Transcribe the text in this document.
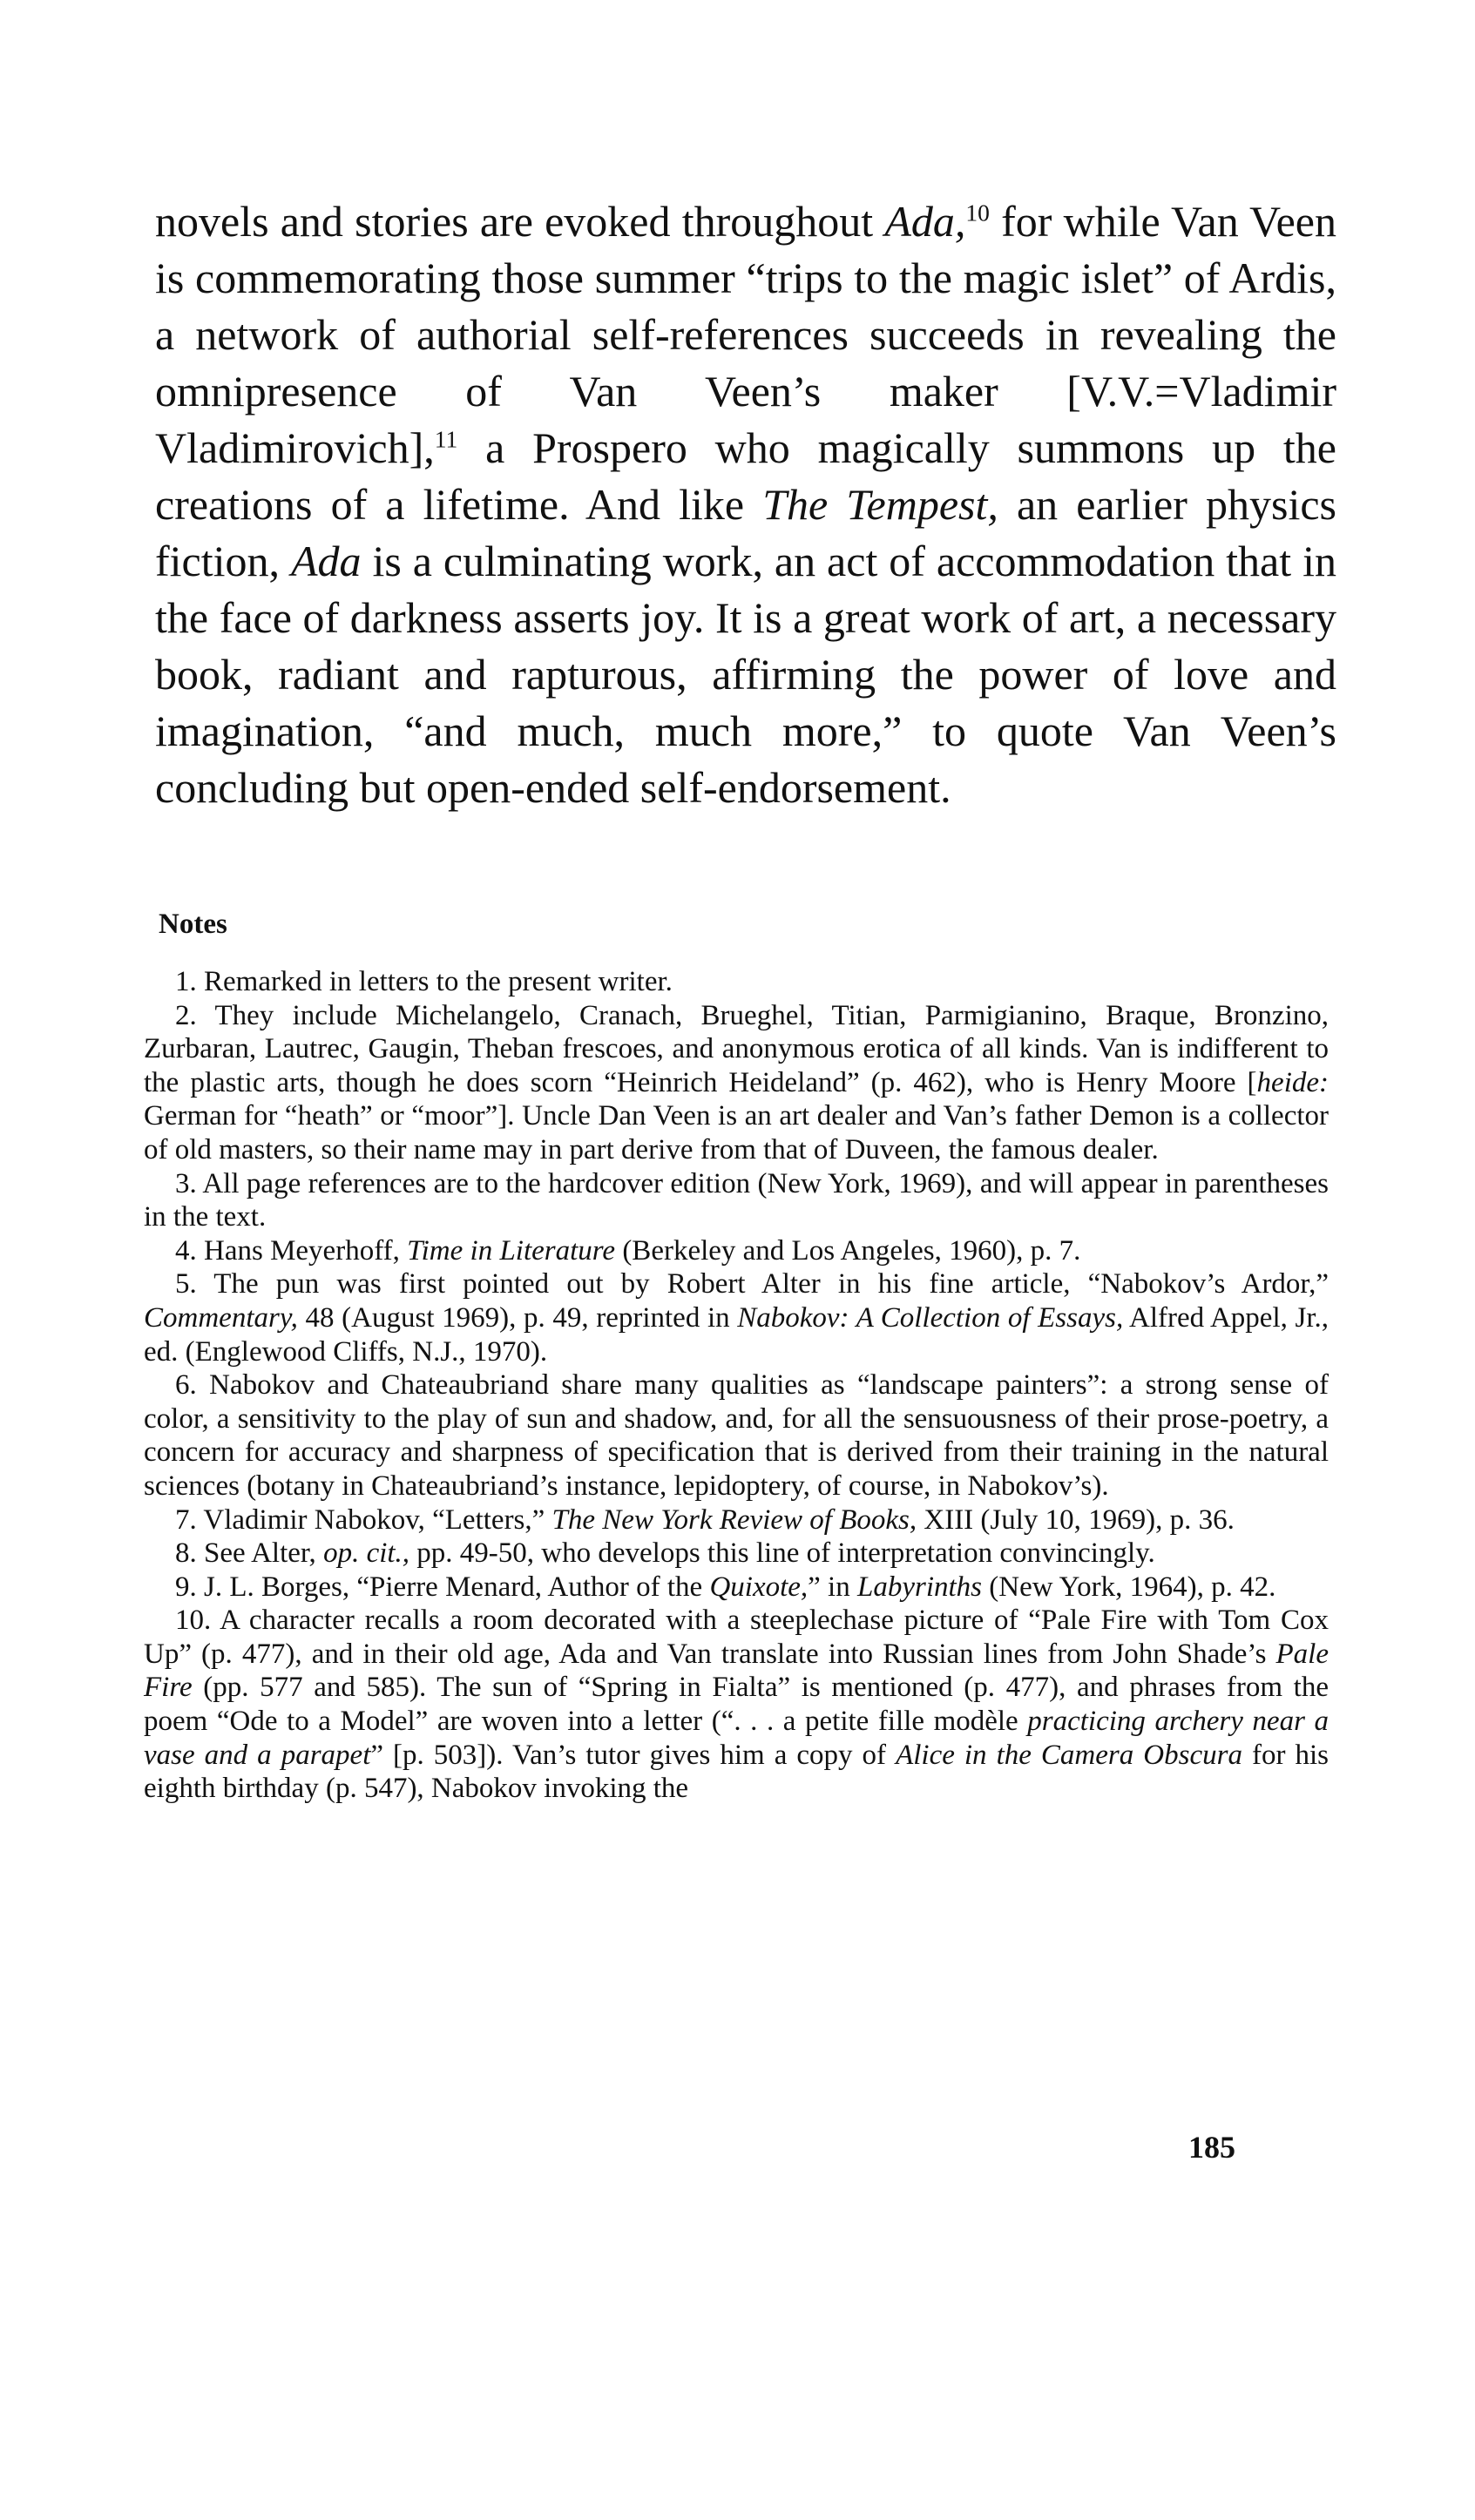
novels and stories are evoked throughout Ada,$^{10}$ for while Van Veen is commemorating those summer “trips to the magic islet” of Ardis, a network of authorial self-references succeeds in revealing the omnipresence of Van Veen’s maker [V.V.=Vladimir Vladimirovich],$^{11}$ a Prospero who magically summons up the creations of a lifetime. And like The Tempest, an earlier physics fiction, Ada is a culminating work, an act of accommodation that in the face of darkness asserts joy. It is a great work of art, a necessary book, radiant and rapturous, affirming the power of love and imagination, “and much, much more,” to quote Van Veen’s concluding but open-ended self-endorsement.

Notes

1. Remarked in letters to the present writer.

2. They include Michelangelo, Cranach, Brueghel, Titian, Parmigianino, Braque, Bronzino, Zurbaran, Lautrec, Gaugin, Theban frescoes, and anonymous erotica of all kinds. Van is indifferent to the plastic arts, though he does scorn “Heinrich Heideland” (p. 462), who is Henry Moore [heide: German for “heath” or “moor”]. Uncle Dan Veen is an art dealer and Van’s father Demon is a collector of old masters, so their name may in part derive from that of Duveen, the famous dealer.

3. All page references are to the hardcover edition (New York, 1969), and will appear in parentheses in the text.

4. Hans Meyerhoff, Time in Literature (Berkeley and Los Angeles, 1960), p. 7.

5. The pun was first pointed out by Robert Alter in his fine article, “Nabokov’s Ardor,” Commentary, 48 (August 1969), p. 49, reprinted in Nabokov: A Collection of Essays, Alfred Appel, Jr., ed. (Englewood Cliffs, N.J., 1970).

6. Nabokov and Chateaubriand share many qualities as “landscape painters”: a strong sense of color, a sensitivity to the play of sun and shadow, and, for all the sensuousness of their prose-poetry, a concern for accuracy and sharpness of specification that is derived from their training in the natural sciences (botany in Chateaubriand’s instance, lepidoptery, of course, in Nabokov’s).

7. Vladimir Nabokov, “Letters,” The New York Review of Books, XIII (July 10, 1969), p. 36.

8. See Alter, op. cit., pp. 49-50, who develops this line of interpretation convincingly.

9. J. L. Borges, “Pierre Menard, Author of the Quixote,” in Labyrinths (New York, 1964), p. 42.

10. A character recalls a room decorated with a steeplechase picture of “Pale Fire with Tom Cox Up” (p. 477), and in their old age, Ada and Van translate into Russian lines from John Shade’s Pale Fire (pp. 577 and 585). The sun of “Spring in Fialta” is mentioned (p. 477), and phrases from the poem “Ode to a Model” are woven into a letter (“. . . a petite fille modèle practicing archery near a vase and a parapet” [p. 503]). Van’s tutor gives him a copy of Alice in the Camera Obscura for his eighth birthday (p. 547), Nabokov invoking the

185
